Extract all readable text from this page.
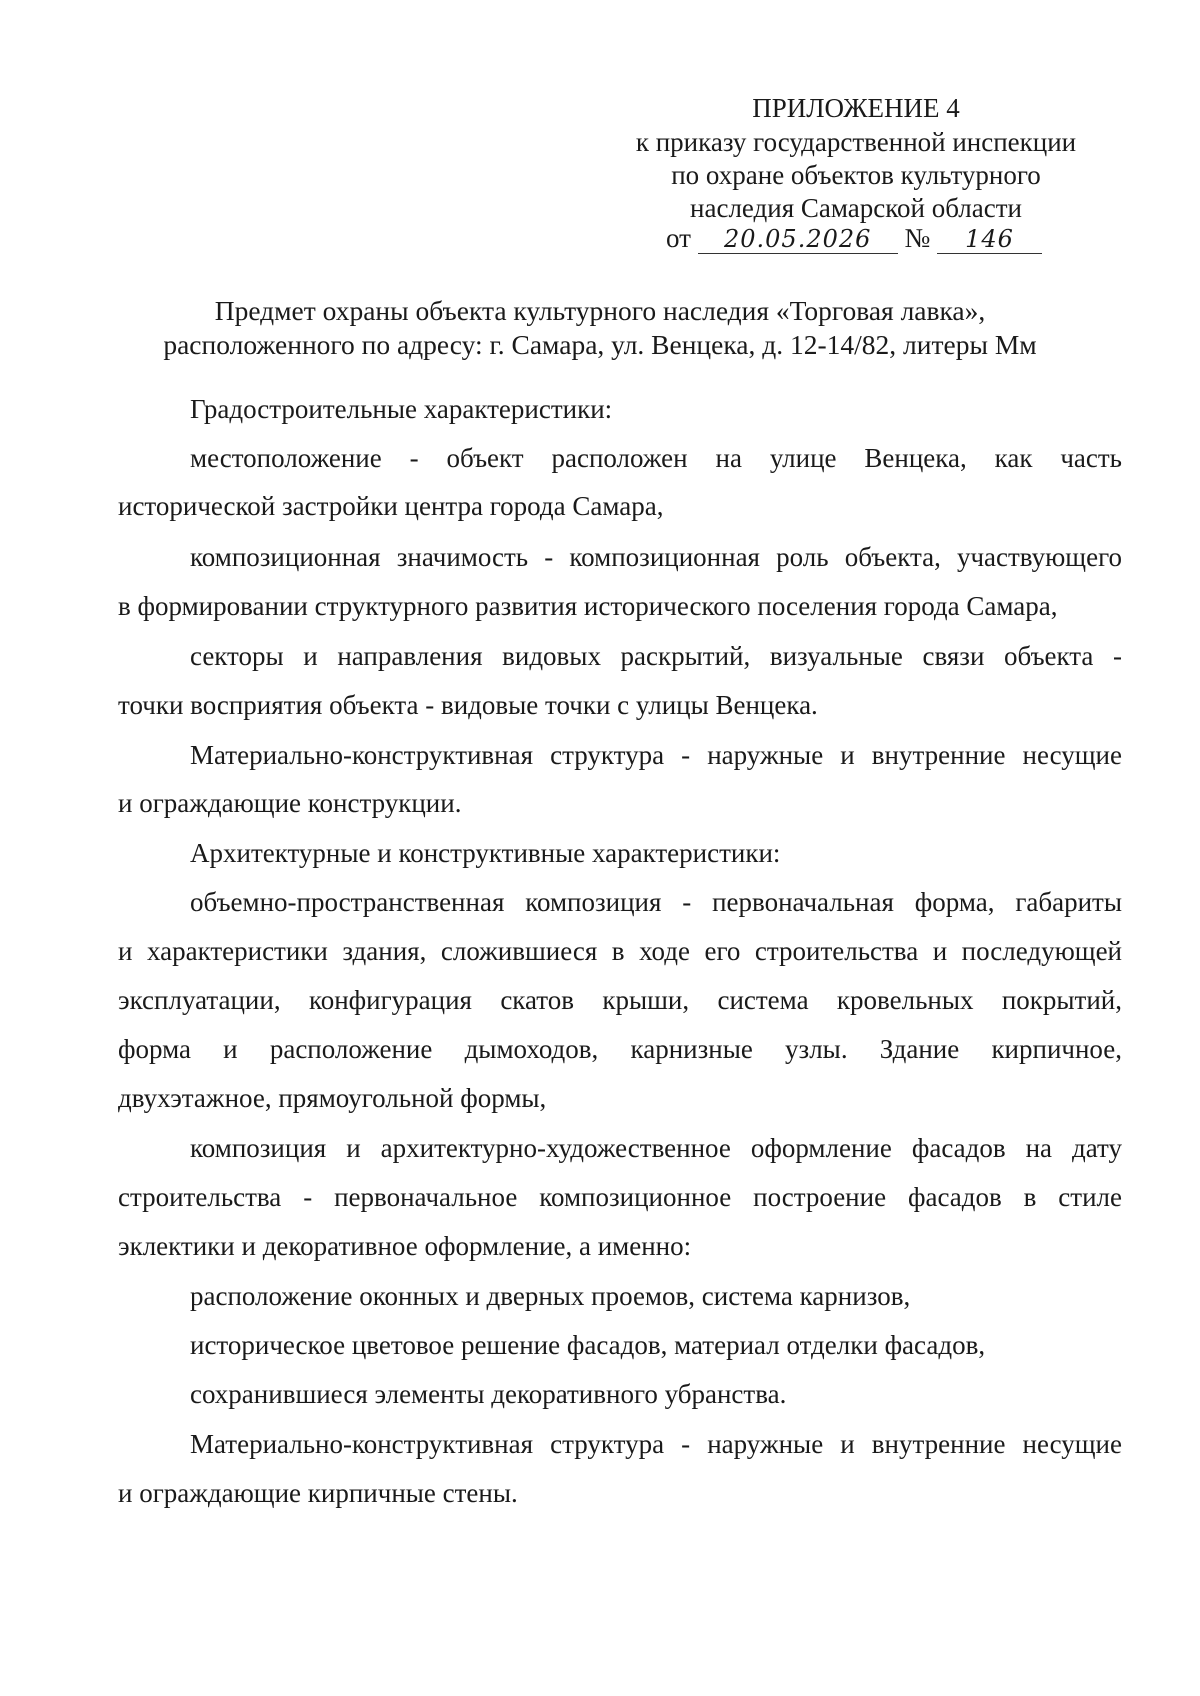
ПРИЛОЖЕНИЕ 4
к приказу государственной инспекции
по охране объектов культурного
наследия Самарской области
от 20.05.2026 № 146
Предмет охраны объекта культурного наследия «Торговая лавка»,
расположенного по адресу: г. Самара, ул. Венцека, д. 12-14/82, литеры Мм
Градостроительные характеристики:
местоположение - объект расположен на улице Венцека, как часть
исторической застройки центра города Самара,
композиционная значимость - композиционная роль объекта, участвующего
в формировании структурного развития исторического поселения города Самара,
секторы и направления видовых раскрытий, визуальные связи объекта -
точки восприятия объекта - видовые точки с улицы Венцека.
Материально-конструктивная структура - наружные и внутренние несущие
и ограждающие конструкции.
Архитектурные и конструктивные характеристики:
объемно-пространственная композиция - первоначальная форма, габариты
и характеристики здания, сложившиеся в ходе его строительства и последующей
эксплуатации, конфигурация скатов крыши, система кровельных покрытий,
форма и расположение дымоходов, карнизные узлы. Здание кирпичное,
двухэтажное, прямоугольной формы,
композиция и архитектурно-художественное оформление фасадов на дату
строительства - первоначальное композиционное построение фасадов в стиле
эклектики и декоративное оформление, а именно:
расположение оконных и дверных проемов, система карнизов,
историческое цветовое решение фасадов, материал отделки фасадов,
сохранившиеся элементы декоративного убранства.
Материально-конструктивная структура - наружные и внутренние несущие
и ограждающие кирпичные стены.
